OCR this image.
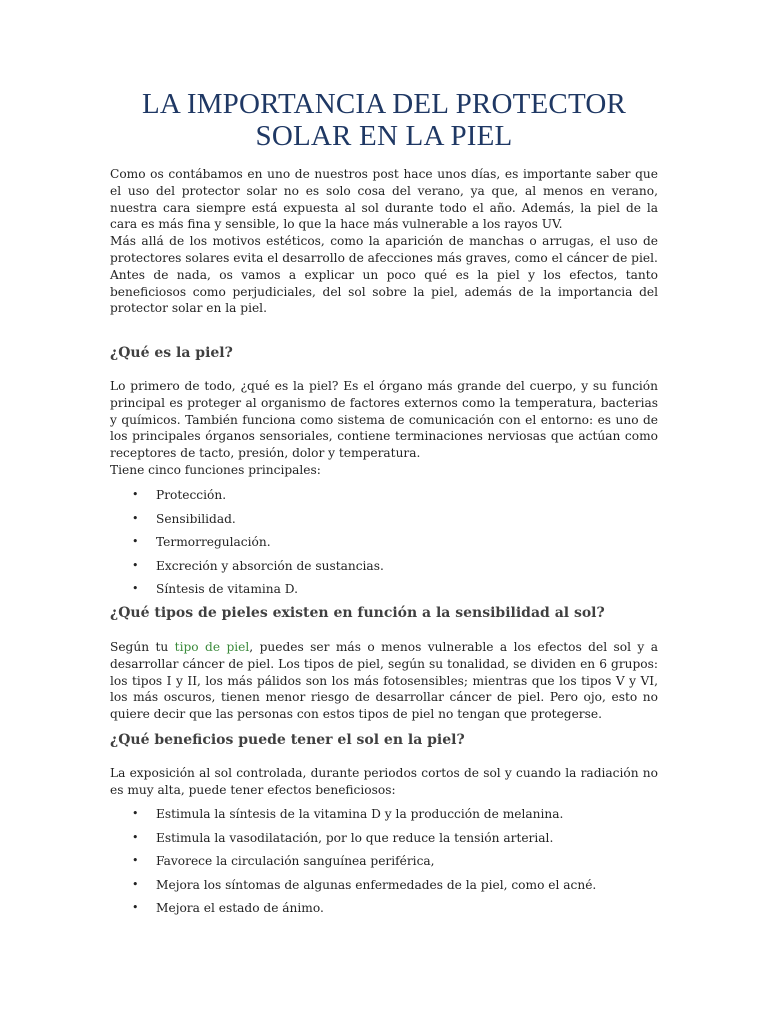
LA IMPORTANCIA DEL PROTECTOR
SOLAR EN LA PIEL

Como os contábamos en uno de nuestros post hace unos días, es importante saber que el uso del protector solar no es solo cosa del verano, ya que, al menos en verano, nuestra cara siempre está expuesta al sol durante todo el año. Además, la piel de la cara es más fina y sensible, lo que la hace más vulnerable a los rayos UV.

Más allá de los motivos estéticos, como la aparición de manchas o arrugas, el uso de protectores solares evita el desarrollo de afecciones más graves, como el cáncer de piel.

Antes de nada, os vamos a explicar un poco qué es la piel y los efectos, tanto beneficiosos como perjudiciales, del sol sobre la piel, además de la importancia del protector solar en la piel.

¿Qué es la piel?

Lo primero de todo, ¿qué es la piel? Es el órgano más grande del cuerpo, y su función principal es proteger al organismo de factores externos como la temperatura, bacterias y químicos. También funciona como sistema de comunicación con el entorno: es uno de los principales órganos sensoriales, contiene terminaciones nerviosas que actúan como receptores de tacto, presión, dolor y temperatura.

Tiene cinco funciones principales:

• Protección.
• Sensibilidad.
• Termorregulación.
• Excreción y absorción de sustancias.
• Síntesis de vitamina D.
¿Qué tipos de pieles existen en función a la sensibilidad al sol?

Según tu tipo de piel, puedes ser más o menos vulnerable a los efectos del sol y a desarrollar cáncer de piel. Los tipos de piel, según su tonalidad, se dividen en 6 grupos: los tipos I y II, los más pálidos son los más fotosensibles; mientras que los tipos V y VI, los más oscuros, tienen menor riesgo de desarrollar cáncer de piel. Pero ojo, esto no quiere decir que las personas con estos tipos de piel no tengan que protegerse.

¿Qué beneficios puede tener el sol en la piel?

La exposición al sol controlada, durante periodos cortos de sol y cuando la radiación no es muy alta, puede tener efectos beneficiosos:

• Estimula la síntesis de la vitamina D y la producción de melanina.
• Estimula la vasodilatación, por lo que reduce la tensión arterial.
• Favorece la circulación sanguínea periférica,
• Mejora los síntomas de algunas enfermedades de la piel, como el acné.
• Mejora el estado de ánimo.
